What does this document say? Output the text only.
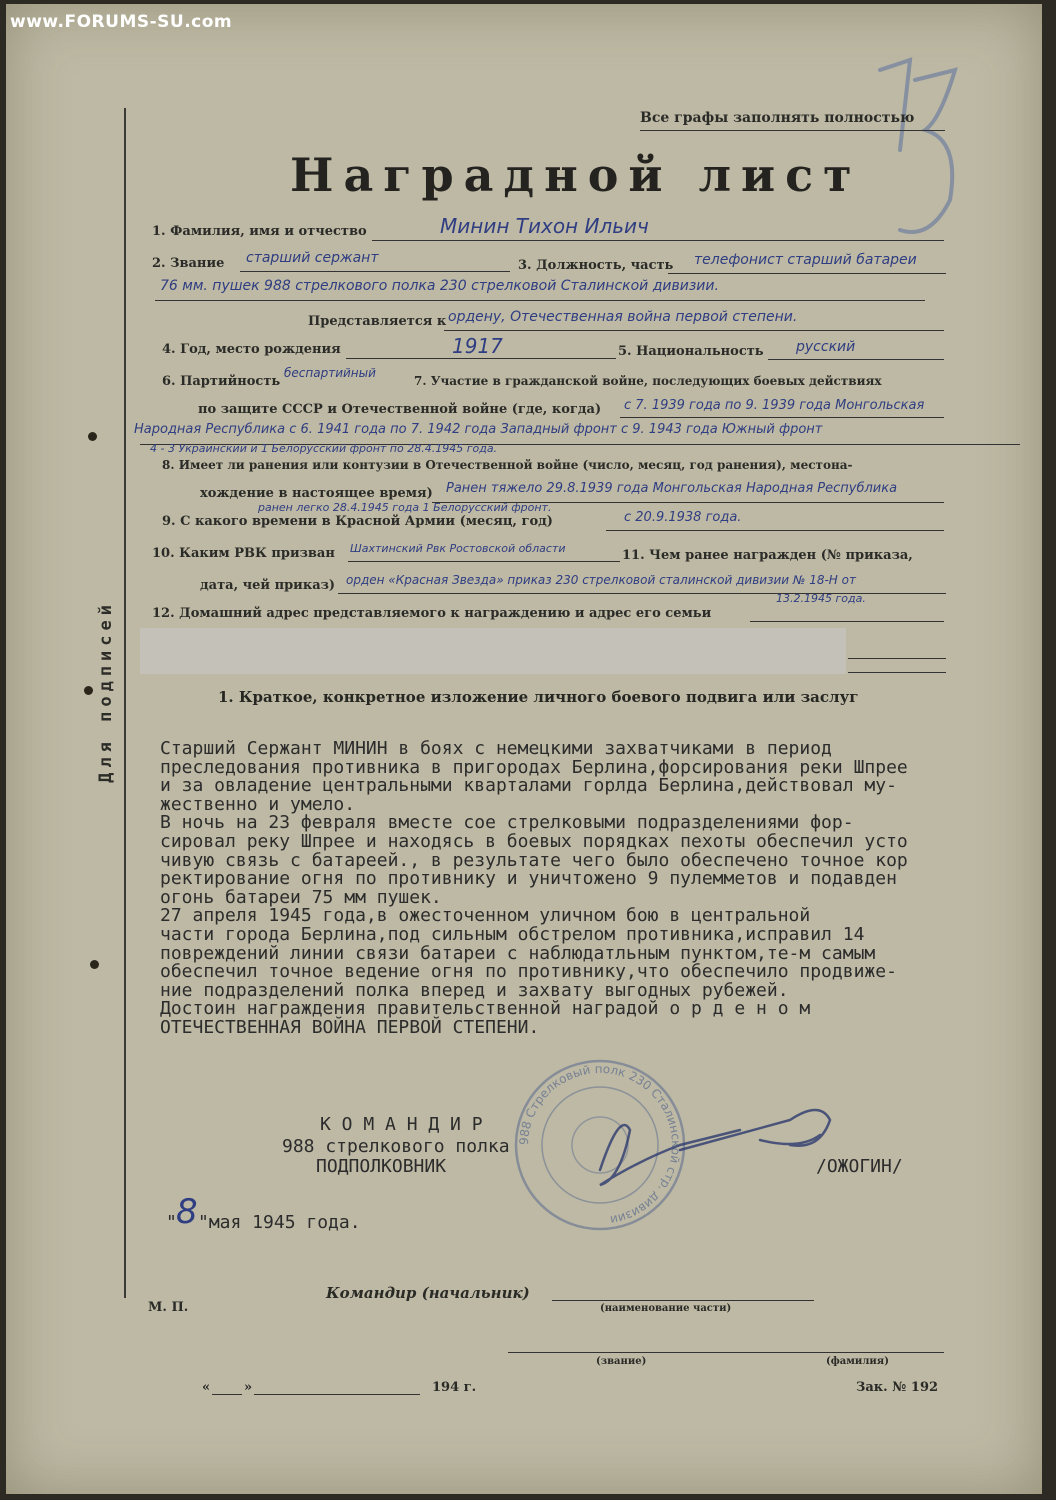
www.FORUMS-SU.com
Для подписей
75
Все графы заполнять полностью
Наградной лист
1. Фамилия, имя и отчество	Минин Тихон Ильич
2. Звание старший сержант	3. Должность, часть телефонист старший батареи
76 мм. пушек 988 стрелкового полка 230 стрелковой Сталинской дивизии.
Представляется к ордену, Отечественная война первой степени.
4. Год, место рождения	1917	5. Национальность русский
6. Партийность
беспартийный
7. Участие в гражданской войне, последующих боевых действиях
по защите СССР и Отечественной войне (где, когда) с 7. 1939 года по 9. 1939 года Монгольская
Народная Республика с 6. 1941 года по 7. 1942 года Западный фронт с 9. 1943 года Южный фронт
4 - 3 Украинский и 1 Белорусский фронт по 28.4.1945 года.
8. Имеет ли ранения или контузии в Отечественной войне (число, месяц, год ранения), местона-
хождение в настоящее время) Ранен тяжело 29.8.1939 года Монгольская Народная Республика
ранен легко 28.4.1945 года 1 Белорусский фронт.
9. С какого времени в Красной Армии (месяц, год)	с 20.9.1938 года.
10. Каким РВК призван Шахтинский Рвк Ростовской области	11. Чем ранее награжден (№ приказа,
дата, чей приказ) орден «Красная Звезда» приказ 230 стрелковой сталинской дивизии № 18-Н от
13.2.1945 года.
12. Домашний адрес представляемого к награждению и адрес его семьи
1. Краткое, конкретное изложение личного боевого подвига или заслуг

Старший Сержант МИНИН в боях с немецкими захватчиками в период

преследования противника в пригородах Берлина,форсирования реки Шпрее

и за овладение центральными кварталами горлда Берлина,действовал му-

жественно и умело.

В ночь на 23 февраля вместе сое стрелковыми подразделениями фор-

сировал реку Шпрее и находясь в боевых порядках пехоты обеспечил усто

чивую связь с батареей., в результате чего было обеспечено точное кор

ректирование огня по противнику и уничтожено 9 пулемметов и подавден

огонь батареи 75 мм пушек.

27 апреля 1945 года,в ожесточенном уличном бою в центральной

части города Берлина,под сильным обстрелом противника,исправил 14

повреждений линии связи батареи с наблюдатльным пунктом,те-м самым

обеспечил точное ведение огня по противнику,что обеспечило продвиже-

ние подразделений полка вперед и захвату выгодных рубежей.

Достоин награждения правительственной наградой о р д е н о м

ОТЕЧЕСТВЕННАЯ ВОЙНА ПЕРВОЙ СТЕПЕНИ.

988 Стрелковый полк 230 Сталинской стр. дивизии
К О М А Н Д И Р
988 стрелкового полка
ПОДПОЛКОВНИК	/ОЖОГИН/
" 8 "мая 1945 года.
М. П.
Командир (начальник)
(наименование части)
(звание)	(фамилия)
«	»	194 г.	Зак. № 192
